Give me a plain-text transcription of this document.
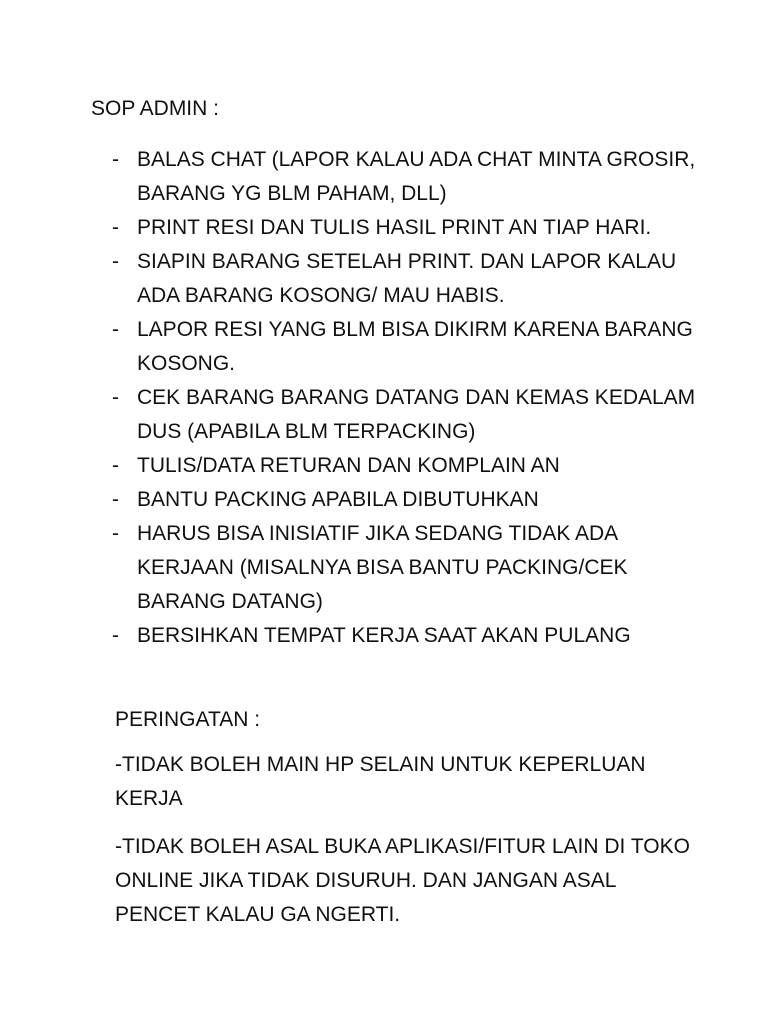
SOP ADMIN :
- BALAS CHAT (LAPOR KALAU ADA CHAT MINTA GROSIR, BARANG YG BLM PAHAM, DLL)
- PRINT RESI DAN TULIS HASIL PRINT AN TIAP HARI.
- SIAPIN BARANG SETELAH PRINT. DAN LAPOR KALAU ADA BARANG KOSONG/ MAU HABIS.
- LAPOR RESI YANG BLM BISA DIKIRM KARENA BARANG KOSONG.
- CEK BARANG BARANG DATANG DAN KEMAS KEDALAM DUS (APABILA BLM TERPACKING)
- TULIS/DATA RETURAN DAN KOMPLAIN AN
- BANTU PACKING APABILA DIBUTUHKAN
- HARUS BISA INISIATIF JIKA SEDANG TIDAK ADA KERJAAN (MISALNYA BISA BANTU PACKING/CEK BARANG DATANG)
- BERSIHKAN TEMPAT KERJA SAAT AKAN PULANG
PERINGATAN :

-TIDAK BOLEH MAIN HP SELAIN UNTUK KEPERLUAN KERJA

-TIDAK BOLEH ASAL BUKA APLIKASI/FITUR LAIN DI TOKO ONLINE JIKA TIDAK DISURUH. DAN JANGAN ASAL PENCET KALAU GA NGERTI.
